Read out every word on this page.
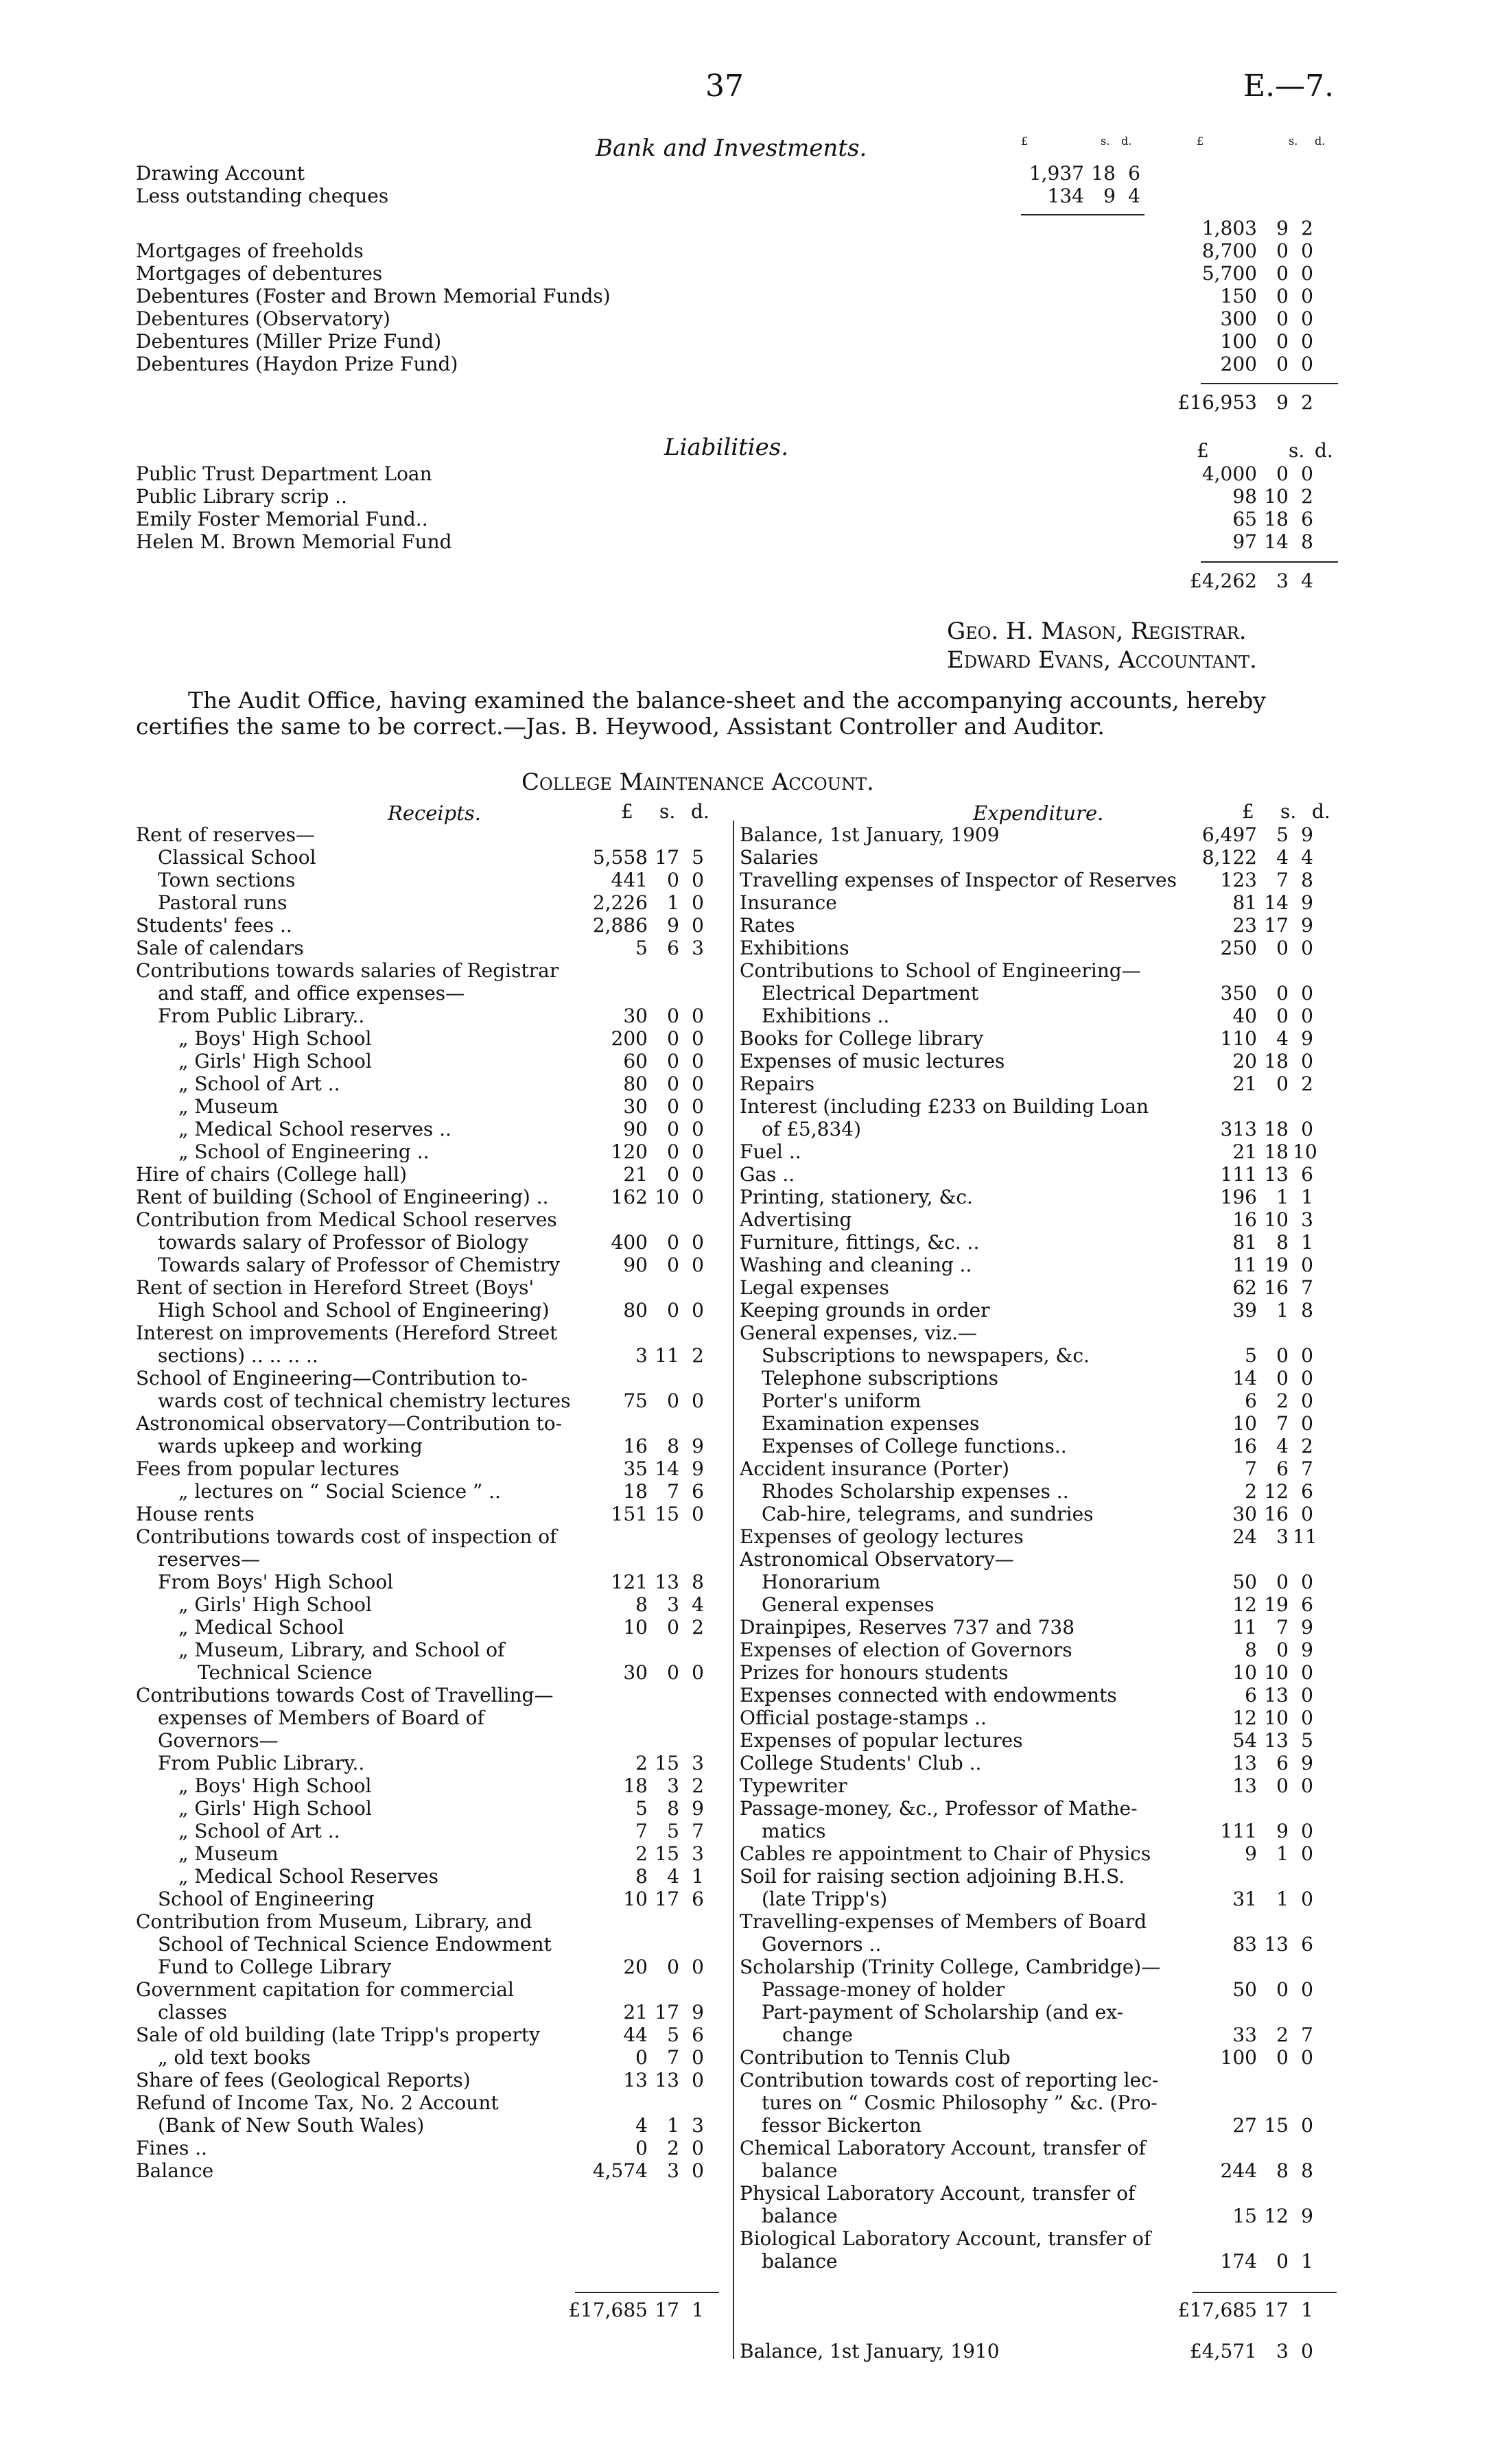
37	E.—7.
Bank and Investments.	£	s. d.	£	s. d.
Drawing Account	1,937 18 6
Less outstanding cheques	134	9 4
1,803	9 2
Mortgages of freeholds	8,700	0 0
Mortgages of debentures	5,700	0 0
Debentures (Foster and Brown Memorial Funds)	150	0 0
Debentures (Observatory)	300	0 0
Debentures (Miller Prize Fund)	100	0 0
Debentures (Haydon Prize Fund)	200	0 0
£16,953	9 2
Liabilities.	£	s. d.
Public Trust Department Loan	4,000	0 0
Public Library scrip ..	98 10 2
Emily Foster Memorial Fund..	65 18 6
Helen M. Brown Memorial Fund	97 14 8
£4,262	3 4
Geo. H. Mason, Registrar.
Edward Evans, Accountant.
The Audit Office, having examined the balance-sheet and the accompanying accounts, hereby
certifies the same to be correct.—Jas. B. Heywood, Assistant Controller and Auditor.
College Maintenance Account.
Receipts.	Expenditure.
£ s. d.	£ s. d.
Rent of reserves—
Classical School	5,558 17 5
Town sections	441	0 0
Pastoral runs	2,226	1 0
Students' fees ..	2,886	9 0
Sale of calendars	5	6 3
Contributions towards salaries of Registrar
and staff, and office expenses—
From Public Library..	30	0 0
„ Boys' High School	200	0 0
„ Girls' High School	60	0 0
„ School of Art ..	80	0 0
„ Museum	30	0 0
„ Medical School reserves ..	90	0 0
„ School of Engineering ..	120	0 0
Hire of chairs (College hall)	21	0 0
Rent of building (School of Engineering) ..	162 10 0
Contribution from Medical School reserves
towards salary of Professor of Biology	400	0 0
Towards salary of Professor of Chemistry	90	0 0
Rent of section in Hereford Street (Boys'
High School and School of Engineering)	80	0 0
Interest on improvements (Hereford Street
sections) .. .. .. ..	3 11 2
School of Engineering—Contribution to-
wards cost of technical chemistry lectures	75	0 0
Astronomical observatory—Contribution to-
wards upkeep and working	16	8 9
Fees from popular lectures	35 14 9
„ lectures on “ Social Science ” ..	18	7 6
House rents	151 15 0
Contributions towards cost of inspection of
reserves—
From Boys' High School	121 13 8
„ Girls' High School	8	3 4
„ Medical School	10	0 2
„ Museum, Library, and School of
Technical Science	30	0 0
Contributions towards Cost of Travelling—
expenses of Members of Board of
Governors—
From Public Library..	2 15 3
„ Boys' High School	18	3 2
„ Girls' High School	5	8 9
„ School of Art ..	7	5 7
„ Museum	2 15 3
„ Medical School Reserves	8	4 1
School of Engineering	10 17 6
Contribution from Museum, Library, and
School of Technical Science Endowment
Fund to College Library	20	0 0
Government capitation for commercial
classes	21 17 9
Sale of old building (late Tripp's property	44	5 6
„ old text books	0	7 0
Share of fees (Geological Reports)	13 13 0
Refund of Income Tax, No. 2 Account
(Bank of New South Wales)	4	1 3
Fines ..	0	2 0
Balance	4,574	3 0
£17,685 17 1
Balance, 1st January, 1909	6,497	5 9
Salaries	8,122	4 4
Travelling expenses of Inspector of Reserves	123	7 8
Insurance	81 14 9
Rates	23 17 9
Exhibitions	250	0 0
Contributions to School of Engineering—
Electrical Department	350	0 0
Exhibitions ..	40	0 0
Books for College library	110	4 9
Expenses of music lectures	20 18 0
Repairs	21	0 2
Interest (including £233 on Building Loan
of £5,834)	313 18 0
Fuel ..	21 18 10
Gas ..	111 13 6
Printing, stationery, &c.	196	1 1
Advertising	16 10 3
Furniture, fittings, &c. ..	81	8 1
Washing and cleaning ..	11 19 0
Legal expenses	62 16 7
Keeping grounds in order	39	1 8
General expenses, viz.—
Subscriptions to newspapers, &c.	5	0 0
Telephone subscriptions	14	0 0
Porter's uniform	6	2 0
Examination expenses	10	7 0
Expenses of College functions..	16	4 2
Accident insurance (Porter)	7	6 7
Rhodes Scholarship expenses ..	2 12 6
Cab-hire, telegrams, and sundries	30 16 0
Expenses of geology lectures	24	3 11
Astronomical Observatory—
Honorarium	50	0 0
General expenses	12 19 6
Drainpipes, Reserves 737 and 738	11	7 9
Expenses of election of Governors	8	0 9
Prizes for honours students	10 10 0
Expenses connected with endowments	6 13 0
Official postage-stamps ..	12 10 0
Expenses of popular lectures	54 13 5
College Students' Club ..	13	6 9
Typewriter	13	0 0
Passage-money, &c., Professor of Mathe-
matics	111	9 0
Cables re appointment to Chair of Physics	9	1 0
Soil for raising section adjoining B.H.S.
(late Tripp's)	31	1 0
Travelling-expenses of Members of Board
Governors ..	83 13 6
Scholarship (Trinity College, Cambridge)—
Passage-money of holder	50	0 0
Part-payment of Scholarship (and ex-
change	33	2 7
Contribution to Tennis Club	100	0 0
Contribution towards cost of reporting lec-
tures on “ Cosmic Philosophy ” &c. (Pro-
fessor Bickerton	27 15 0
Chemical Laboratory Account, transfer of
balance	244	8 8
Physical Laboratory Account, transfer of
balance	15 12 9
Biological Laboratory Account, transfer of
balance	174	0 1
£17,685 17 1
Balance, 1st January, 1910	£4,571	3 0
